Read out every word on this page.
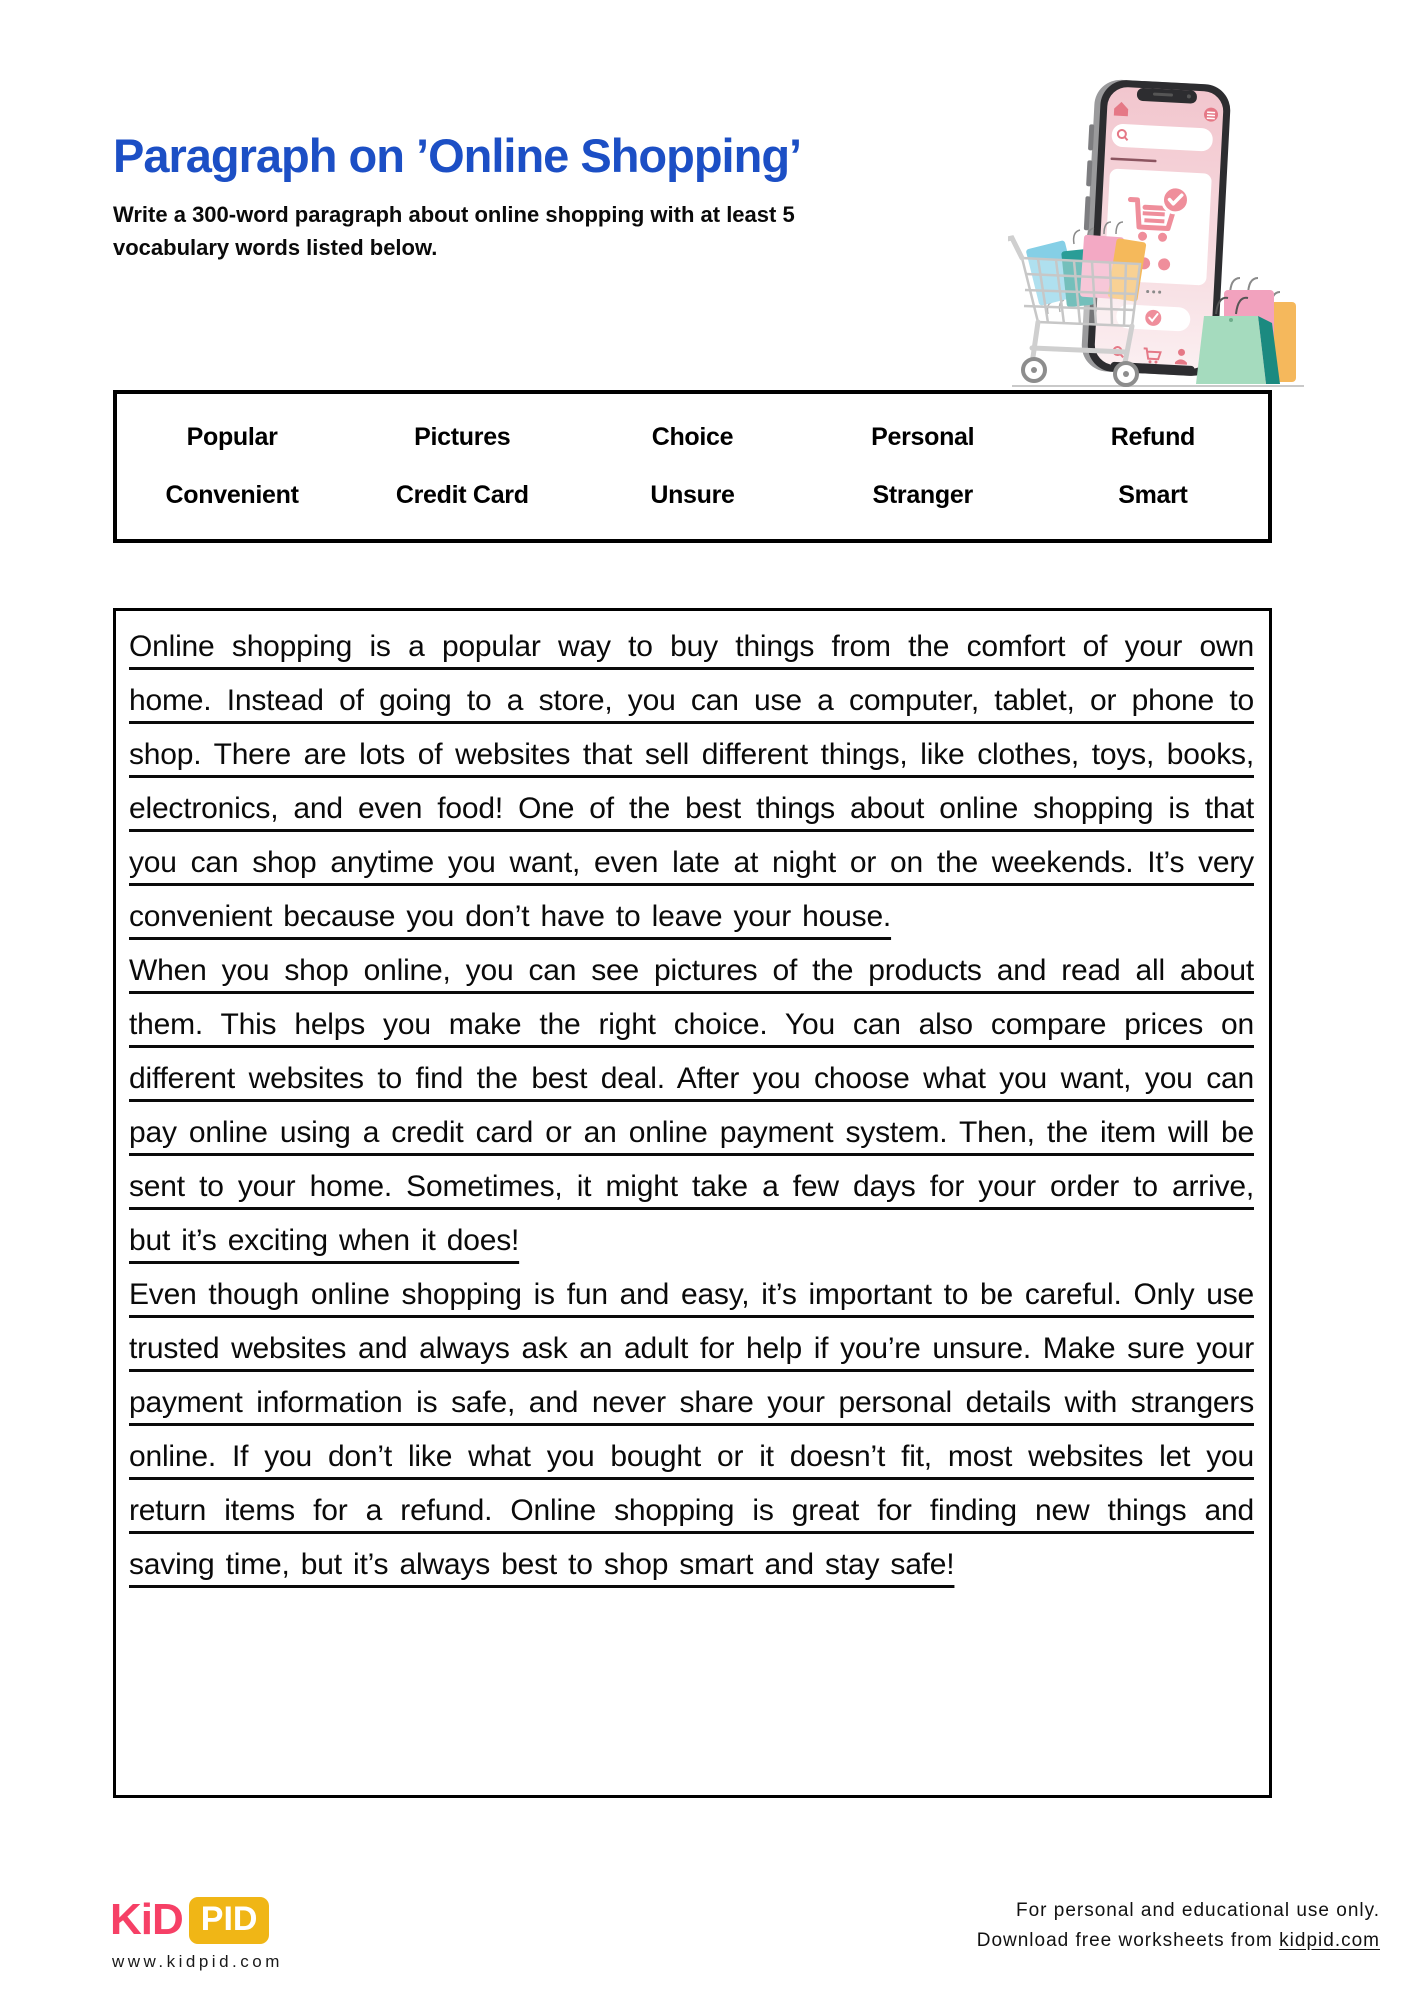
Paragraph on ’Online Shopping’
Write a 300-word paragraph about online shopping with at least 5 vocabulary words listed below.
Popular	Pictures	Choice	Personal	Refund
Convenient	Credit Card	Unsure	Stranger	Smart

Online shopping is a popular way to buy things from the comfort of your own home. Instead of going to a store, you can use a computer, tablet, or phone to shop. There are lots of websites that sell different things, like clothes, toys, books, electronics, and even food! One of the best things about online shopping is that you can shop anytime you want, even late at night or on the weekends. It’s very convenient because you don’t have to leave your house.

When you shop online, you can see pictures of the products and read all about them. This helps you make the right choice. You can also compare prices on different websites to find the best deal. After you choose what you want, you can pay online using a credit card or an online payment system. Then, the item will be sent to your home. Sometimes, it might take a few days for your order to arrive, but it’s exciting when it does!

Even though online shopping is fun and easy, it’s important to be careful. Only use trusted websites and always ask an adult for help if you’re unsure. Make sure your payment information is safe, and never share your personal details with strangers online. If you don’t like what you bought or it doesn’t fit, most websites let you return items for a refund. Online shopping is great for finding new things and saving time, but it’s always best to shop smart and stay safe!

KiD PID
www.kidpid.com
For personal and educational use only.
Download free worksheets from kidpid.com
